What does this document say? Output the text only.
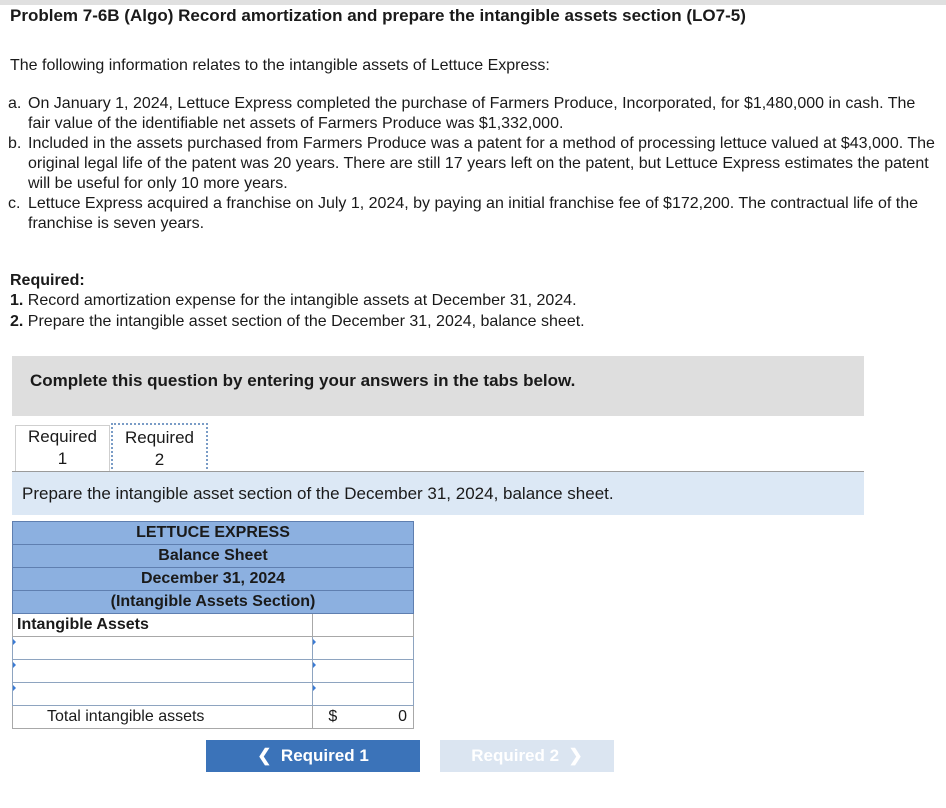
Problem 7-6B (Algo) Record amortization and prepare the intangible assets section (LO7-5)
The following information relates to the intangible assets of Lettuce Express:
a. On January 1, 2024, Lettuce Express completed the purchase of Farmers Produce, Incorporated, for $1,480,000 in cash. The fair value of the identifiable net assets of Farmers Produce was $1,332,000.
b. Included in the assets purchased from Farmers Produce was a patent for a method of processing lettuce valued at $43,000. The original legal life of the patent was 20 years. There are still 17 years left on the patent, but Lettuce Express estimates the patent will be useful for only 10 more years.
c. Lettuce Express acquired a franchise on July 1, 2024, by paying an initial franchise fee of $172,200. The contractual life of the franchise is seven years.
Required:
1. Record amortization expense for the intangible assets at December 31, 2024.
2. Prepare the intangible asset section of the December 31, 2024, balance sheet.
Complete this question by entering your answers in the tabs below.
Required
1
Required
2
Prepare the intangible asset section of the December 31, 2024, balance sheet.
LETTUCE EXPRESS	
Balance Sheet	
December 31, 2024	
(Intangible Assets Section)	
Intangible Assets	

Total intangible assets	$ 0
❮ Required 1	Required 2 ❯
